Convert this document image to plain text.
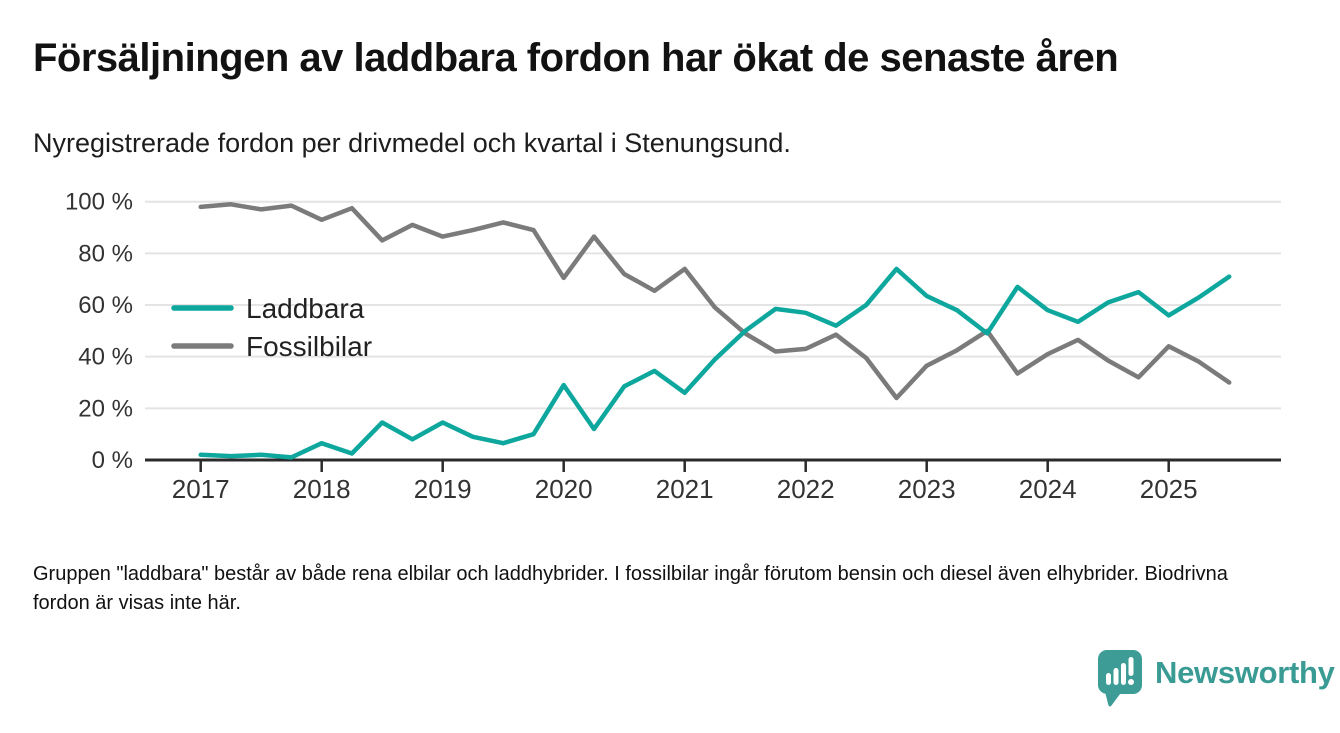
Försäljningen av laddbara fordon har ökat de senaste åren

Nyregistrerade fordon per drivmedel och kvartal i Stenungsund.

0 %
20 %
40 %
60 %
80 %
100 %
2017 2018 2019 2020 2021 2022 2023 2024 2025
Laddbara
Fossilbilar
Gruppen "laddbara" består av både rena elbilar och laddhybrider. I fossilbilar ingår förutom bensin och diesel även elhybrider. Biodrivna fordon är visas inte här.
Newsworthy
